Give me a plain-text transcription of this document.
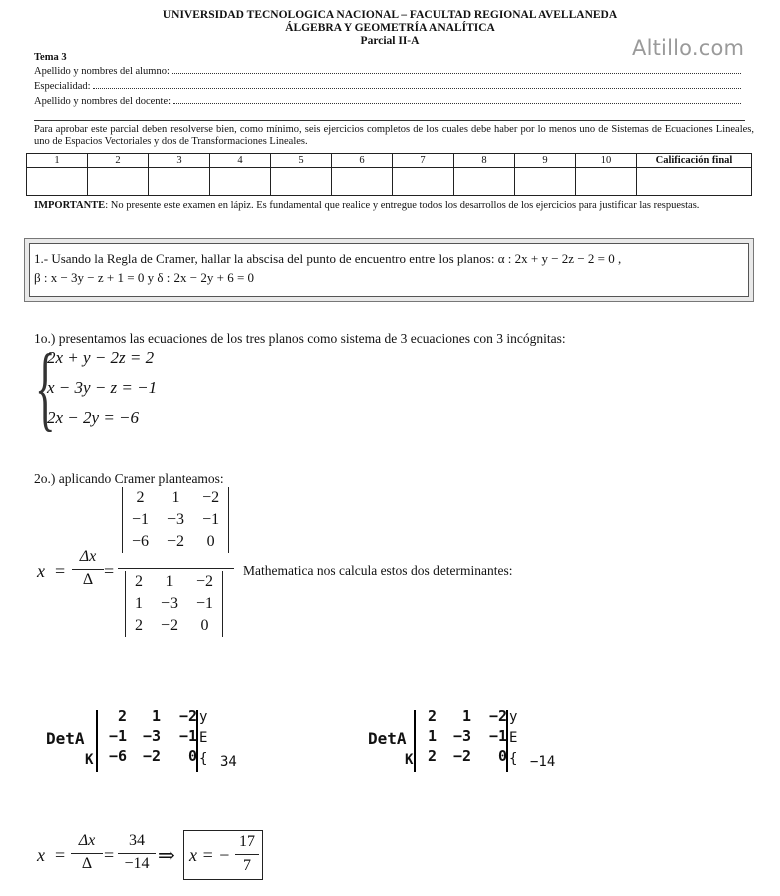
UNIVERSIDAD TECNOLOGICA NACIONAL – FACULTAD REGIONAL AVELLANEDA
ÁLGEBRA Y GEOMETRÍA ANALÍTICA
Parcial II-A	Altillo.com
Tema 3
Apellido y nombres del alumno:
Especialidad:
Apellido y nombres del docente:
Para aprobar este parcial deben resolverse bien, como mínimo, seis ejercicios completos de los cuales debe haber por lo menos uno de Sistemas de Ecuaciones Lineales, uno de Espacios Vectoriales y dos de Transformaciones Lineales.
1	2	3	4	5	6	7	8	9	10	Calificación final

IMPORTANTE: No presente este examen en lápiz. Es fundamental que realice y entregue todos los desarrollos de los ejercicios para justificar las respuestas.
1.- Usando la Regla de Cramer, hallar la abscisa del punto de encuentro entre los planos: α : 2x + y − 2z − 2 = 0 ,
β : x − 3y − z + 1 = 0 y δ : 2x − 2y + 6 = 0
1o.) presentamos las ecuaciones de los tres planos como sistema de 3 ecuaciones con 3 incógnitas:
{
2x + y − 2z = 2
x − 3y − z = −1
2x − 2y = −6
2o.) aplicando Cramer planteamos:
x =
Δx
Δ =
2	1	−2
−1	−3	−1
−6	−2	0
2	1	−2
1	−3	−1
2	−2	0
Mathematica nos calcula estos dos determinantes:
DetA
K
2	1	−2
−1	−3	−1
−6	−2	0
y
E
{ 34
DetA
K
2	1	−2
1	−3	−1
2	−2	0
y
E
{ −14
x =
Δx
Δ =
34
−14 ⇒ x = −
17
7
